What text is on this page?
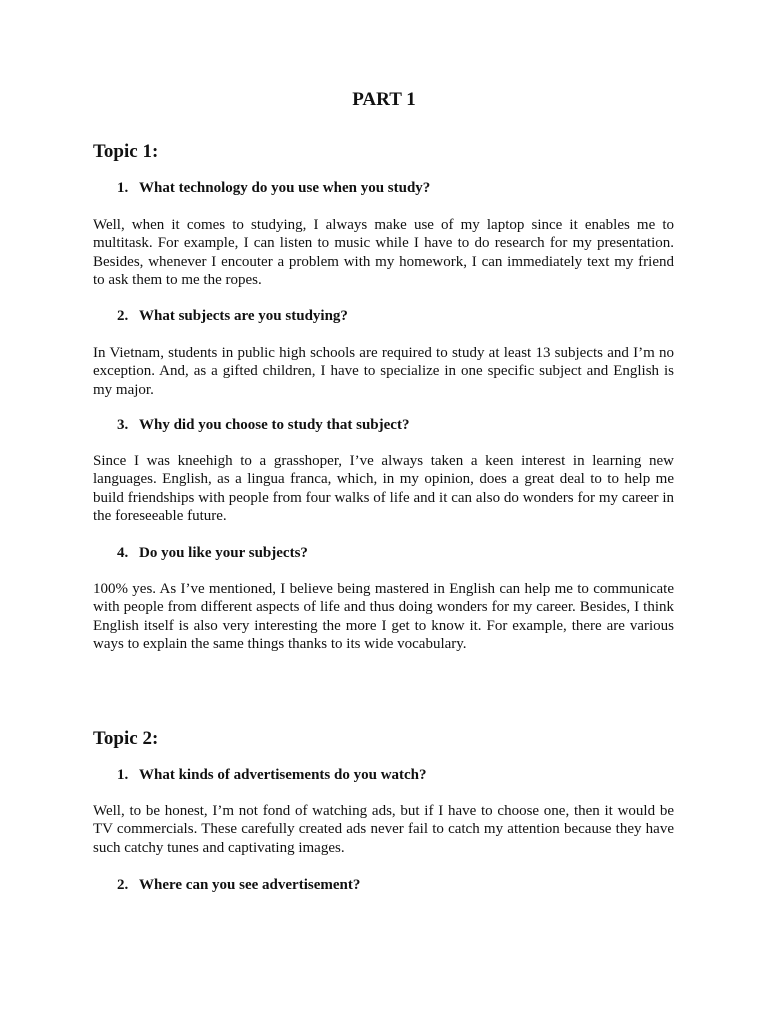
PART 1
Topic 1:
1. What technology do you use when you study?

Well, when it comes to studying, I always make use of my laptop since it enables me to multitask. For example, I can listen to music while I have to do research for my presentation. Besides, whenever I encouter a problem with my homework, I can immediately text my friend to ask them to me the ropes.

2. What subjects are you studying?

In Vietnam, students in public high schools are required to study at least 13 subjects and I’m no exception. And, as a gifted children, I have to specialize in one specific subject and English is my major.

3. Why did you choose to study that subject?

Since I was kneehigh to a grasshoper, I’ve always taken a keen interest in learning new languages. English, as a lingua franca, which, in my opinion, does a great deal to to help me build friendships with people from four walks of life and it can also do wonders for my career in the foreseeable future.

4. Do you like your subjects?

100% yes. As I’ve mentioned, I believe being mastered in English can help me to communicate with people from different aspects of life and thus doing wonders for my career. Besides, I think English itself is also very interesting the more I get to know it. For example, there are various ways to explain the same things thanks to its wide vocabulary.

Topic 2:
1. What kinds of advertisements do you watch?

Well, to be honest, I’m not fond of watching ads, but if I have to choose one, then it would be TV commercials. These carefully created ads never fail to catch my attention because they have such catchy tunes and captivating images.

2. Where can you see advertisement?
